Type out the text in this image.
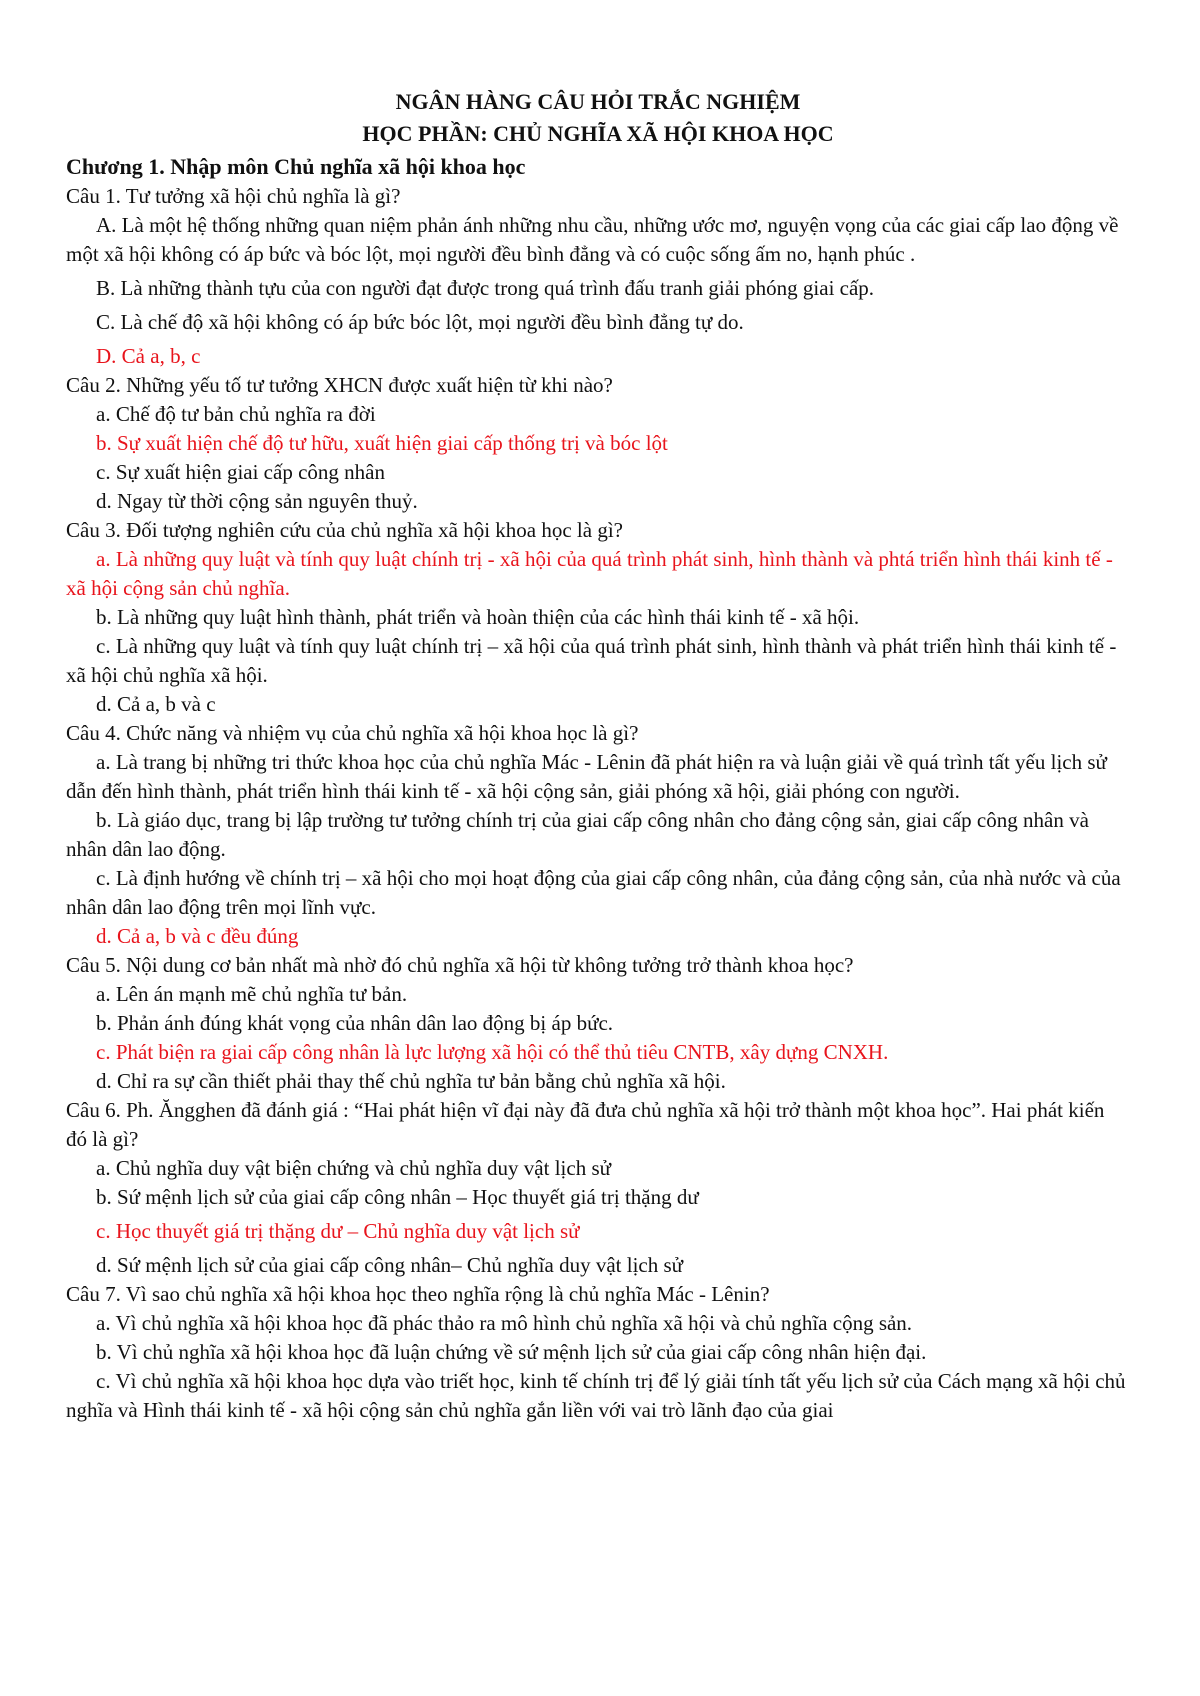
NGÂN HÀNG CÂU HỎI TRẮC NGHIỆM
HỌC PHẦN: CHỦ NGHĨA XÃ HỘI KHOA HỌC
Chương 1. Nhập môn Chủ nghĩa xã hội khoa học
Câu 1. Tư tưởng xã hội chủ nghĩa là gì?
A. Là một hệ thống những quan niệm phản ánh những nhu cầu, những ước mơ, nguyện vọng của các giai cấp lao động về một xã hội không có áp bức và bóc lột, mọi người đều bình đẳng và có cuộc sống ấm no, hạnh phúc .
B. Là những thành tựu của con người đạt được trong quá trình đấu tranh giải phóng giai cấp.
C. Là chế độ xã hội không có áp bức bóc lột, mọi người đều bình đẳng tự do.
D. Cả a, b, c
Câu 2. Những yếu tố tư tưởng XHCN được xuất hiện từ khi nào?
a. Chế độ tư bản chủ nghĩa ra đời
b. Sự xuất hiện chế độ tư hữu, xuất hiện giai cấp thống trị và bóc lột
c. Sự xuất hiện giai cấp công nhân
d. Ngay từ thời cộng sản nguyên thuỷ.
Câu 3. Đối tượng nghiên cứu của chủ nghĩa xã hội khoa học là gì?
a. Là những quy luật và tính quy luật chính trị - xã hội của quá trình phát sinh, hình thành và phtá triển hình thái kinh tế - xã hội cộng sản chủ nghĩa.
b. Là những quy luật hình thành, phát triển và hoàn thiện của các hình thái kinh tế - xã hội.
c. Là những quy luật và tính quy luật chính trị – xã hội của quá trình phát sinh, hình thành và phát triển hình thái kinh tế - xã hội chủ nghĩa xã hội.
d. Cả a, b và c
Câu 4. Chức năng và nhiệm vụ của chủ nghĩa xã hội khoa học là gì?
a. Là trang bị những tri thức khoa học của chủ nghĩa Mác - Lênin đã phát hiện ra và luận giải về quá trình tất yếu lịch sử dẫn đến hình thành, phát triển hình thái kinh tế - xã hội cộng sản, giải phóng xã hội, giải phóng con người.
b. Là giáo dục, trang bị lập trường tư tưởng chính trị của giai cấp công nhân cho đảng cộng sản, giai cấp công nhân và nhân dân lao động.
c. Là định hướng về chính trị – xã hội cho mọi hoạt động của giai cấp công nhân, của đảng cộng sản, của nhà nước và của nhân dân lao động trên mọi lĩnh vực.
d. Cả a, b và c đều đúng
Câu 5. Nội dung cơ bản nhất mà nhờ đó chủ nghĩa xã hội từ không tưởng trở thành khoa học?
a. Lên án mạnh mẽ chủ nghĩa tư bản.
b. Phản ánh đúng khát vọng của nhân dân lao động bị áp bức.
c. Phát biện ra giai cấp công nhân là lực lượng xã hội có thể thủ tiêu CNTB, xây dựng CNXH.
d. Chỉ ra sự cần thiết phải thay thế chủ nghĩa tư bản bằng chủ nghĩa xã hội.
Câu 6. Ph. Ăngghen đã đánh giá : “Hai phát hiện vĩ đại này đã đưa chủ nghĩa xã hội trở thành một khoa học”. Hai phát kiến đó là gì?
a. Chủ nghĩa duy vật biện chứng và chủ nghĩa duy vật lịch sử
b. Sứ mệnh lịch sử của giai cấp công nhân – Học thuyết giá trị thặng dư
c. Học thuyết giá trị thặng dư – Chủ nghĩa duy vật lịch sử
d. Sứ mệnh lịch sử của giai cấp công nhân– Chủ nghĩa duy vật lịch sử
Câu 7. Vì sao chủ nghĩa xã hội khoa học theo nghĩa rộng là chủ nghĩa Mác - Lênin?
a. Vì chủ nghĩa xã hội khoa học đã phác thảo ra mô hình chủ nghĩa xã hội và chủ nghĩa cộng sản.
b. Vì chủ nghĩa xã hội khoa học đã luận chứng về sứ mệnh lịch sử của giai cấp công nhân hiện đại.
c. Vì chủ nghĩa xã hội khoa học dựa vào triết học, kinh tế chính trị để lý giải tính tất yếu lịch sử của Cách mạng xã hội chủ nghĩa và Hình thái kinh tế - xã hội cộng sản chủ nghĩa gắn liền với vai trò lãnh đạo của giai
